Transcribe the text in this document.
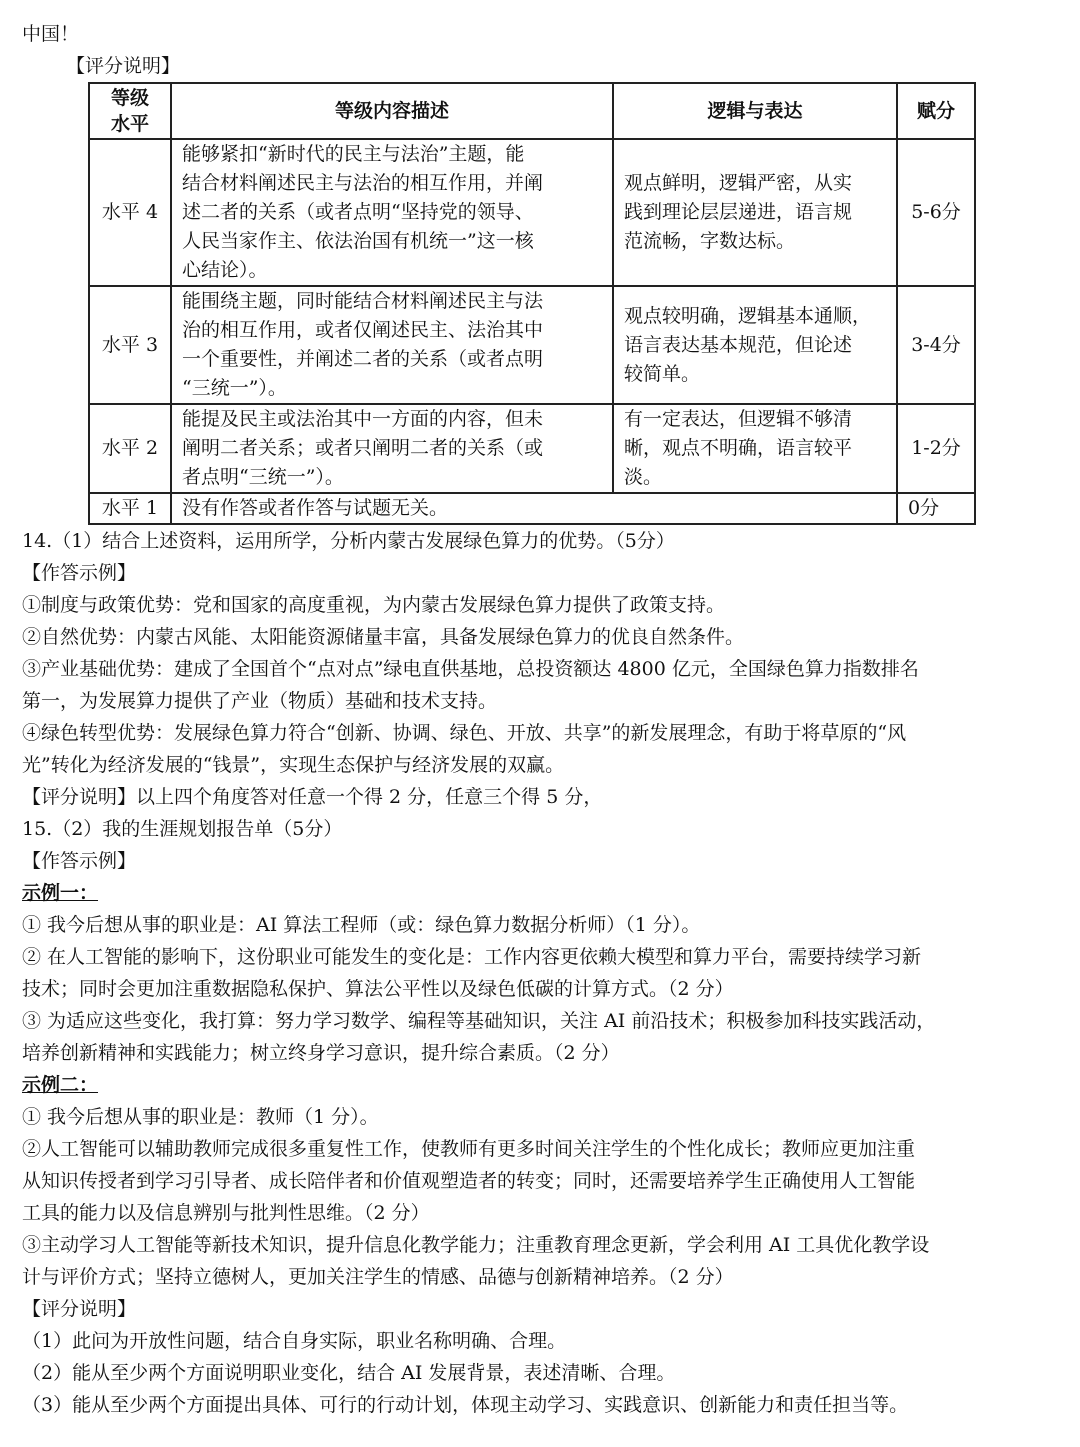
中国！
【评分说明】
等级
水平	等级内容描述	逻辑与表达	赋分
水平 4	能够紧扣“新时代的民主与法治”主题，能
结合材料阐述民主与法治的相互作用，并阐
述二者的关系（或者点明“坚持党的领导、
人民当家作主、依法治国有机统一”这一核
心结论）。	观点鲜明，逻辑严密，从实
践到理论层层递进，语言规
范流畅，字数达标。	5-6分
水平 3	能围绕主题，同时能结合材料阐述民主与法
治的相互作用，或者仅阐述民主、法治其中
一个重要性，并阐述二者的关系（或者点明
“三统一”）。	观点较明确，逻辑基本通顺，
语言表达基本规范，但论述
较简单。	3-4分
水平 2	能提及民主或法治其中一方面的内容，但未
阐明二者关系；或者只阐明二者的关系（或
者点明“三统一”）。	有一定表达，但逻辑不够清
晰，观点不明确，语言较平
淡。	1-2分
水平 1	没有作答或者作答与试题无关。		0分
14.（1）结合上述资料，运用所学，分析内蒙古发展绿色算力的优势。（5分）
【作答示例】
①制度与政策优势：党和国家的高度重视，为内蒙古发展绿色算力提供了政策支持。
②自然优势：内蒙古风能、太阳能资源储量丰富，具备发展绿色算力的优良自然条件。
③产业基础优势：建成了全国首个“点对点”绿电直供基地，总投资额达 4800 亿元，全国绿色算力指数排名
第一，为发展算力提供了产业（物质）基础和技术支持。
④绿色转型优势：发展绿色算力符合“创新、协调、绿色、开放、共享”的新发展理念，有助于将草原的“风
光”转化为经济发展的“钱景”，实现生态保护与经济发展的双赢。
【评分说明】以上四个角度答对任意一个得 2 分，任意三个得 5 分，
15.（2）我的生涯规划报告单（5分）
【作答示例】
示例一：
① 我今后想从事的职业是：AI 算法工程师（或：绿色算力数据分析师）（1 分）。
② 在人工智能的影响下，这份职业可能发生的变化是：工作内容更依赖大模型和算力平台，需要持续学习新
技术；同时会更加注重数据隐私保护、算法公平性以及绿色低碳的计算方式。（2 分）
③ 为适应这些变化，我打算：努力学习数学、编程等基础知识，关注 AI 前沿技术；积极参加科技实践活动，
培养创新精神和实践能力；树立终身学习意识，提升综合素质。（2 分）
示例二：
① 我今后想从事的职业是：教师（1 分）。
②人工智能可以辅助教师完成很多重复性工作，使教师有更多时间关注学生的个性化成长；教师应更加注重
从知识传授者到学习引导者、成长陪伴者和价值观塑造者的转变；同时，还需要培养学生正确使用人工智能
工具的能力以及信息辨别与批判性思维。（2 分）
③主动学习人工智能等新技术知识，提升信息化教学能力；注重教育理念更新，学会利用 AI 工具优化教学设
计与评价方式；坚持立德树人，更加关注学生的情感、品德与创新精神培养。（2 分）
【评分说明】
（1）此问为开放性问题，结合自身实际，职业名称明确、合理。
（2）能从至少两个方面说明职业变化，结合 AI 发展背景，表述清晰、合理。
（3）能从至少两个方面提出具体、可行的行动计划，体现主动学习、实践意识、创新能力和责任担当等。
